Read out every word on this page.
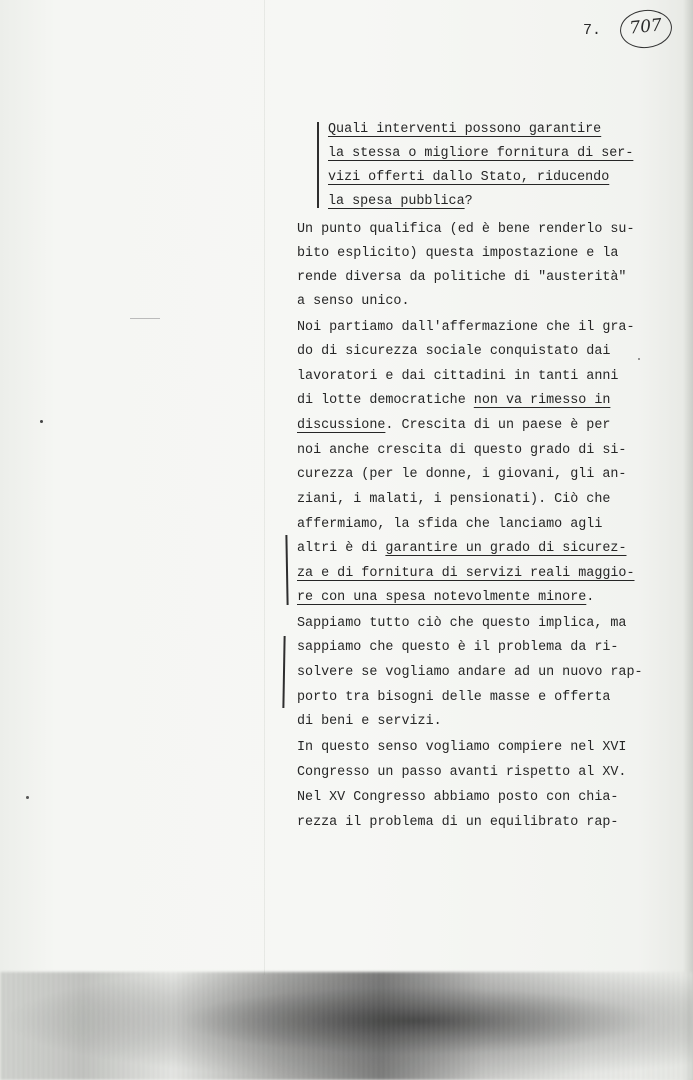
7.	707

Quali interventi possono garantire

la stessa o migliore fornitura di ser-

vizi offerti dallo Stato, riducendo

la spesa pubblica?

Un punto qualifica (ed è bene renderlo su-

bito esplicito) questa impostazione e la

rende diversa da politiche di "austerità"

a senso unico.

Noi partiamo dall'affermazione che il gra-

do di sicurezza sociale conquistato dai

lavoratori e dai cittadini in tanti anni

di lotte democratiche non va rimesso in

discussione. Crescita di un paese è per

noi anche crescita di questo grado di si-

curezza (per le donne, i giovani, gli an-

ziani, i malati, i pensionati). Ciò che

affermiamo, la sfida che lanciamo agli

altri è di garantire un grado di sicurez-

za e di fornitura di servizi reali maggio-

re con una spesa notevolmente minore.

Sappiamo tutto ciò che questo implica, ma

sappiamo che questo è il problema da ri-

solvere se vogliamo andare ad un nuovo rap-

porto tra bisogni delle masse e offerta

di beni e servizi.

In questo senso vogliamo compiere nel XVI

Congresso un passo avanti rispetto al XV.

Nel XV Congresso abbiamo posto con chia-

rezza il problema di un equilibrato rap-
